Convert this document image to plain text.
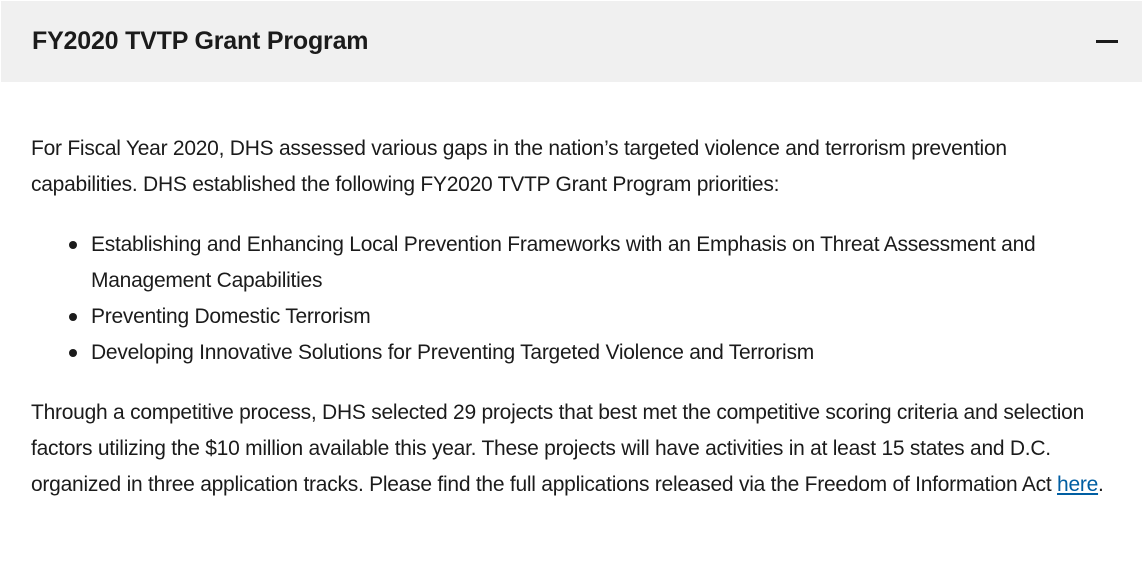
FY2020 TVTP Grant Program

For Fiscal Year 2020, DHS assessed various gaps in the nation’s targeted violence and terrorism prevention capabilities. DHS established the following FY2020 TVTP Grant Program priorities:

Establishing and Enhancing Local Prevention Frameworks with an Emphasis on Threat Assessment and Management Capabilities
Preventing Domestic Terrorism
Developing Innovative Solutions for Preventing Targeted Violence and Terrorism

Through a competitive process, DHS selected 29 projects that best met the competitive scoring criteria and selection factors utilizing the $10 million available this year. These projects will have activities in at least 15 states and D.C. organized in three application tracks. Please find the full applications released via the Freedom of Information Act here.
